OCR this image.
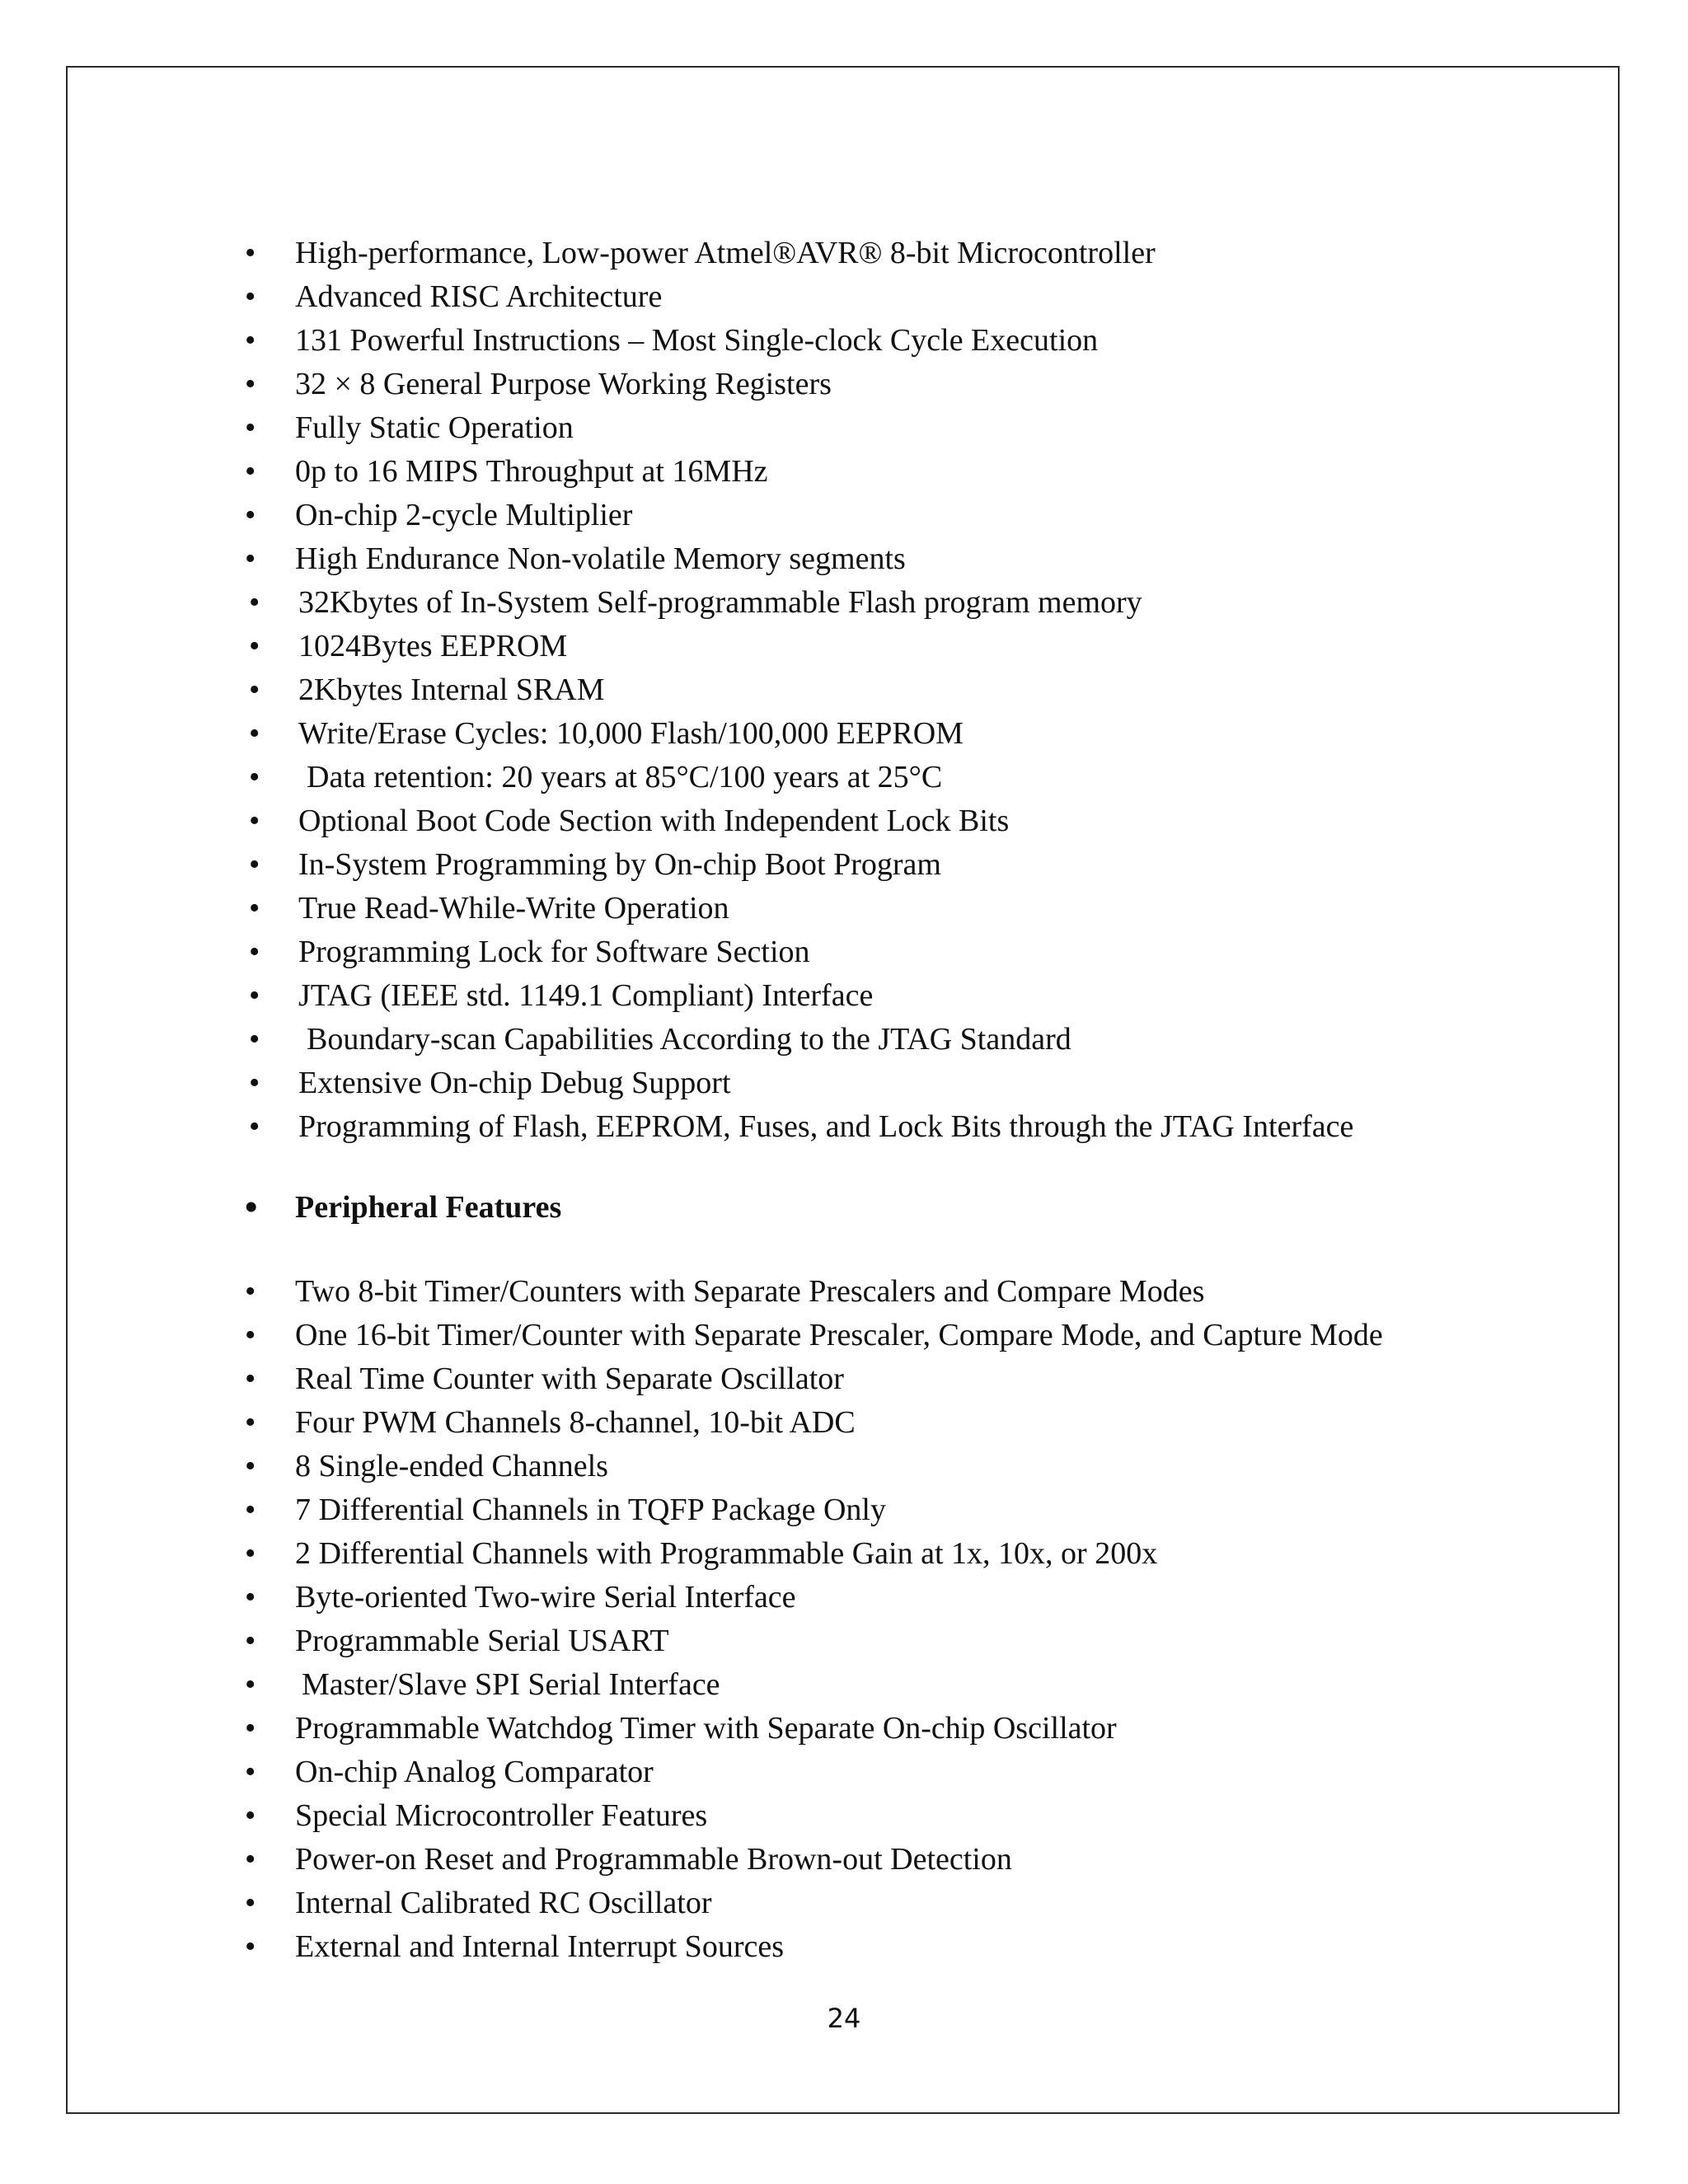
• High-performance, Low-power Atmel®AVR® 8-bit Microcontroller
• Advanced RISC Architecture
• 131 Powerful Instructions – Most Single-clock Cycle Execution
• 32 × 8 General Purpose Working Registers
• Fully Static Operation
• 0p to 16 MIPS Throughput at 16MHz
• On-chip 2-cycle Multiplier
• High Endurance Non-volatile Memory segments
• 32Kbytes of In-System Self-programmable Flash program memory
• 1024Bytes EEPROM
• 2Kbytes Internal SRAM
• Write/Erase Cycles: 10,000 Flash/100,000 EEPROM
• Data retention: 20 years at 85°C/100 years at 25°C
• Optional Boot Code Section with Independent Lock Bits
• In-System Programming by On-chip Boot Program
• True Read-While-Write Operation
• Programming Lock for Software Section
• JTAG (IEEE std. 1149.1 Compliant) Interface
• Boundary-scan Capabilities According to the JTAG Standard
• Extensive On-chip Debug Support
• Programming of Flash, EEPROM, Fuses, and Lock Bits through the JTAG Interface
• Peripheral Features
• Two 8-bit Timer/Counters with Separate Prescalers and Compare Modes
• One 16-bit Timer/Counter with Separate Prescaler, Compare Mode, and Capture Mode
• Real Time Counter with Separate Oscillator
• Four PWM Channels 8-channel, 10-bit ADC
• 8 Single-ended Channels
• 7 Differential Channels in TQFP Package Only
• 2 Differential Channels with Programmable Gain at 1x, 10x, or 200x
• Byte-oriented Two-wire Serial Interface
• Programmable Serial USART
• Master/Slave SPI Serial Interface
• Programmable Watchdog Timer with Separate On-chip Oscillator
• On-chip Analog Comparator
• Special Microcontroller Features
• Power-on Reset and Programmable Brown-out Detection
• Internal Calibrated RC Oscillator
• External and Internal Interrupt Sources
24
